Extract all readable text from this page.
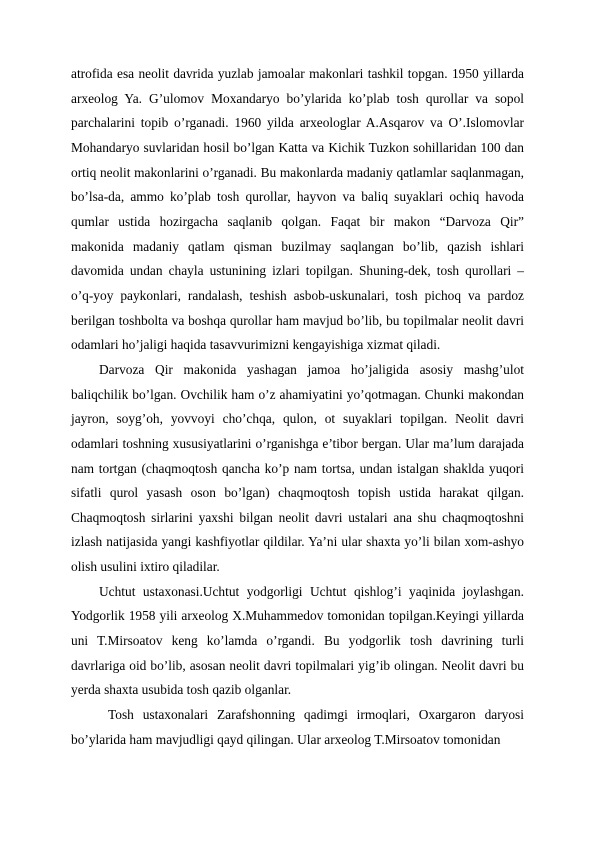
atrofida esa neolit davrida yuzlab jamoalar makonlari tashkil topgan. 1950 yillarda arxeolog Ya. G’ulomov Moxandaryo bo’ylarida ko’plab tosh qurollar va sopol parchalarini topib o’rganadi. 1960 yilda arxeologlar A.Asqarov va O’.Islomovlar Mohandaryo suvlaridan hosil bo’lgan Katta va Kichik Tuzkon sohillaridan 100 dan ortiq neolit makonlarini o’rganadi. Bu makonlarda madaniy qatlamlar saqlanmagan, bo’lsa-da, ammo ko’plab tosh qurollar, hayvon va baliq suyaklari ochiq havoda qumlar ustida hozirgacha saqlanib qolgan. Faqat bir makon “Darvoza Qir” makonida madaniy qatlam qisman buzilmay saqlangan bo’lib, qazish ishlari davomida undan chayla ustunining izlari topilgan. Shuning-dek, tosh qurollari – o’q-yoy paykonlari, randalash, teshish asbob-uskunalari, tosh pichoq va pardoz berilgan toshbolta va boshqa qurollar ham mavjud bo’lib, bu topilmalar neolit davri odamlari ho’jaligi haqida tasavvurimizni kengayishiga xizmat qiladi.

Darvoza Qir makonida yashagan jamoa ho’jaligida asosiy mashg’ulot baliqchilik bo’lgan. Ovchilik ham o’z ahamiyatini yo’qotmagan. Chunki makondan jayron, soyg’oh, yovvoyi cho’chqa, qulon, ot suyaklari topilgan. Neolit davri odamlari toshning xususiyatlarini o’rganishga e’tibor bergan. Ular ma’lum darajada nam tortgan (chaqmoqtosh qancha ko’p nam tortsa, undan istalgan shaklda yuqori sifatli qurol yasash oson bo’lgan) chaqmoqtosh topish ustida harakat qilgan. Chaqmoqtosh sirlarini yaxshi bilgan neolit davri ustalari ana shu chaqmoqtoshni izlash natijasida yangi kashfiyotlar qildilar. Ya’ni ular shaxta yo’li bilan xom-ashyo olish usulini ixtiro qiladilar.

Uchtut ustaxonasi.Uchtut yodgorligi Uchtut qishlog’i yaqinida joylashgan. Yodgorlik 1958 yili arxeolog X.Muhammedov tomonidan topilgan.Keyingi yillarda uni T.Mirsoatov keng ko’lamda o’rgandi. Bu yodgorlik tosh davrining turli davrlariga oid bo’lib, asosan neolit davri topilmalari yig’ib olingan. Neolit davri bu yerda shaxta usubida tosh qazib olganlar.

Tosh ustaxonalari Zarafshonning qadimgi irmoqlari, Oxargaron daryosi bo’ylarida ham mavjudligi qayd qilingan. Ular arxeolog T.Mirsoatov tomonidan
